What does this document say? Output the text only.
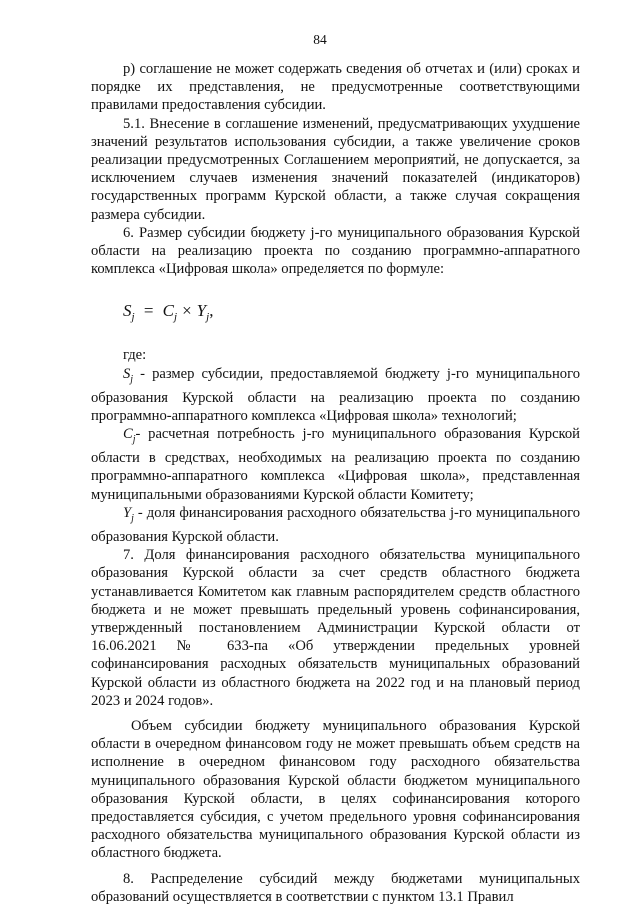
84

р) соглашение не может содержать сведения об отчетах и (или) сроках и порядке их представления, не предусмотренные соответствующими правилами предоставления субсидии.

5.1. Внесение в соглашение изменений, предусматривающих ухудшение значений результатов использования субсидии, а также увеличение сроков реализации предусмотренных Соглашением мероприятий, не допускается, за исключением случаев изменения значений показателей (индикаторов) государственных программ Курской области, а также случая сокращения размера субсидии.

6. Размер субсидии бюджету j-го муниципального образования Курской области на реализацию проекта по созданию программно-аппаратного комплекса «Цифровая школа» определяется по формуле:

$S_j = C_j \times Y_j$,

где:

$S_j$ - размер субсидии, предоставляемой бюджету j-го муниципального образования Курской области на реализацию проекта по созданию программно-аппаратного комплекса «Цифровая школа» технологий;

$C_j-$ расчетная потребность j-го муниципального образования Курской области в средствах, необходимых на реализацию проекта по созданию программно-аппаратного комплекса «Цифровая школа», представленная муниципальными образованиями Курской области Комитету;

$Y_j$ - доля финансирования расходного обязательства j-го муниципального образования Курской области.

7. Доля финансирования расходного обязательства муниципального образования Курской области за счет средств областного бюджета устанавливается Комитетом как главным распорядителем средств областного бюджета и не может превышать предельный уровень софинансирования, утвержденный постановлением Администрации Курской области от 16.06.2021 № 633-па «Об утверждении предельных уровней софинансирования расходных обязательств муниципальных образований Курской области из областного бюджета на 2022 год и на плановый период 2023 и 2024 годов».

Объем субсидии бюджету муниципального образования Курской области в очередном финансовом году не может превышать объем средств на исполнение в очередном финансовом году расходного обязательства муниципального образования Курской области бюджетом муниципального образования Курской области, в целях софинансирования которого предоставляется субсидия, с учетом предельного уровня софинансирования расходного обязательства муниципального образования Курской области из областного бюджета.

8. Распределение субсидий между бюджетами муниципальных образований осуществляется в соответствии с пунктом 13.1 Правил
